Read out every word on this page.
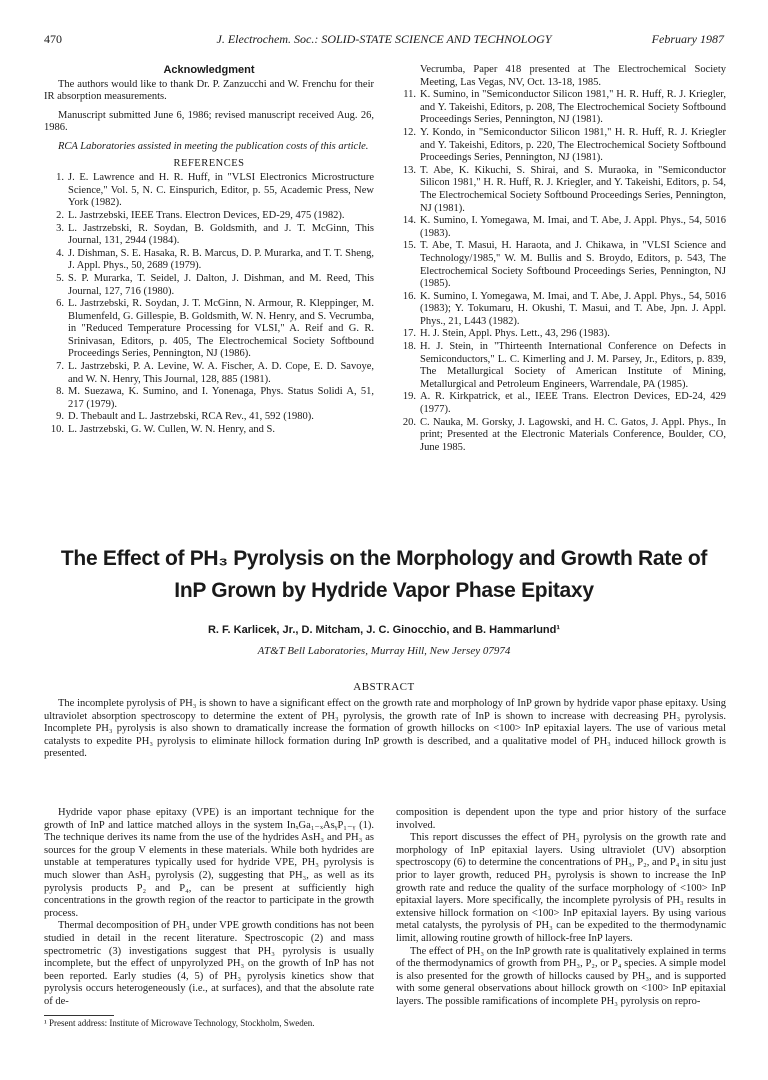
470	J. Electrochem. Soc.: SOLID-STATE SCIENCE AND TECHNOLOGY	February 1987
Acknowledgment

The authors would like to thank Dr. P. Zanzucchi and W. Frenchu for their IR absorption measurements.

Manuscript submitted June 6, 1986; revised manuscript received Aug. 26, 1986.

RCA Laboratories assisted in meeting the publication costs of this article.

REFERENCES
1. J. E. Lawrence and H. R. Huff, in "VLSI Electronics Microstructure Science," Vol. 5, N. C. Einspurich, Editor, p. 55, Academic Press, New York (1982).
2. L. Jastrzebski, IEEE Trans. Electron Devices, ED-29, 475 (1982).
3. L. Jastrzebski, R. Soydan, B. Goldsmith, and J. T. McGinn, This Journal, 131, 2944 (1984).
4. J. Dishman, S. E. Hasaka, R. B. Marcus, D. P. Murarka, and T. T. Sheng, J. Appl. Phys., 50, 2689 (1979).
5. S. P. Murarka, T. Seidel, J. Dalton, J. Dishman, and M. Reed, This Journal, 127, 716 (1980).
6. L. Jastrzebski, R. Soydan, J. T. McGinn, N. Armour, R. Kleppinger, M. Blumenfeld, G. Gillespie, B. Goldsmith, W. N. Henry, and S. Vecrumba, in "Reduced Temperature Processing for VLSI," A. Reif and G. R. Srinivasan, Editors, p. 405, The Electrochemical Society Softbound Proceedings Series, Pennington, NJ (1986).
7. L. Jastrzebski, P. A. Levine, W. A. Fischer, A. D. Cope, E. D. Savoye, and W. N. Henry, This Journal, 128, 885 (1981).
8. M. Suezawa, K. Sumino, and I. Yonenaga, Phys. Status Solidi A, 51, 217 (1979).
9. D. Thebault and L. Jastrzebski, RCA Rev., 41, 592 (1980).
10. L. Jastrzebski, G. W. Cullen, W. N. Henry, and S.

Vecrumba, Paper 418 presented at The Electrochemical Society Meeting, Las Vegas, NV, Oct. 13-18, 1985.

11. K. Sumino, in "Semiconductor Silicon 1981," H. R. Huff, R. J. Kriegler, and Y. Takeishi, Editors, p. 208, The Electrochemical Society Softbound Proceedings Series, Pennington, NJ (1981).
12. Y. Kondo, in "Semiconductor Silicon 1981," H. R. Huff, R. J. Kriegler and Y. Takeishi, Editors, p. 220, The Electrochemical Society Softbound Proceedings Series, Pennington, NJ (1981).
13. T. Abe, K. Kikuchi, S. Shirai, and S. Muraoka, in "Semiconductor Silicon 1981," H. R. Huff, R. J. Kriegler, and Y. Takeishi, Editors, p. 54, The Electrochemical Society Softbound Proceedings Series, Pennington, NJ (1981).
14. K. Sumino, I. Yomegawa, M. Imai, and T. Abe, J. Appl. Phys., 54, 5016 (1983).
15. T. Abe, T. Masui, H. Haraota, and J. Chikawa, in "VLSI Science and Technology/1985," W. M. Bullis and S. Broydo, Editors, p. 543, The Electrochemical Society Softbound Proceedings Series, Pennington, NJ (1985).
16. K. Sumino, I. Yomegawa, M. Imai, and T. Abe, J. Appl. Phys., 54, 5016 (1983); Y. Tokumaru, H. Okushi, T. Masui, and T. Abe, Jpn. J. Appl. Phys., 21, L443 (1982).
17. H. J. Stein, Appl. Phys. Lett., 43, 296 (1983).
18. H. J. Stein, in "Thirteenth International Conference on Defects in Semiconductors," L. C. Kimerling and J. M. Parsey, Jr., Editors, p. 839, The Metallurgical Society of American Institute of Mining, Metallurgical and Petroleum Engineers, Warrendale, PA (1985).
19. A. R. Kirkpatrick, et al., IEEE Trans. Electron Devices, ED-24, 429 (1977).
20. C. Nauka, M. Gorsky, J. Lagowski, and H. C. Gatos, J. Appl. Phys., In print; Presented at the Electronic Materials Conference, Boulder, CO, June 1985.
The Effect of PH₃ Pyrolysis on the Morphology and Growth Rate of
InP Grown by Hydride Vapor Phase Epitaxy
R. F. Karlicek, Jr., D. Mitcham, J. C. Ginocchio, and B. Hammarlund¹
AT&T Bell Laboratories, Murray Hill, New Jersey 07974
ABSTRACT

The incomplete pyrolysis of PH₃ is shown to have a significant effect on the growth rate and morphology of InP grown by hydride vapor phase epitaxy. Using ultraviolet absorption spectroscopy to determine the extent of PH₃ pyrolysis, the growth rate of InP is shown to increase with decreasing PH₃ pyrolysis. Incomplete PH₃ pyrolysis is also shown to dramatically increase the formation of growth hillocks on <100> InP epitaxial layers. The use of various metal catalysts to expedite PH₃ pyrolysis to eliminate hillock formation during InP growth is described, and a qualitative model of PH₃ induced hillock growth is presented.

Hydride vapor phase epitaxy (VPE) is an important technique for the growth of InP and lattice matched alloys in the system InₓGa₁₋ₓAsᵧP₁₋ᵧ (1). The technique derives its name from the use of the hydrides AsH₃ and PH₃ as sources for the group V elements in these materials. While both hydrides are unstable at temperatures typically used for hydride VPE, PH₃ pyrolysis is much slower than AsH₃ pyrolysis (2), suggesting that PH₃, as well as its pyrolysis products P₂ and P₄, can be present at sufficiently high concentrations in the growth region of the reactor to participate in the growth process.

Thermal decomposition of PH₃ under VPE growth conditions has not been studied in detail in the recent literature. Spectroscopic (2) and mass spectrometric (3) investigations suggest that PH₃ pyrolysis is usually incomplete, but the effect of unpyrolyzed PH₃ on the growth of InP has not been reported. Early studies (4, 5) of PH₃ pyrolysis kinetics show that pyrolysis occurs heterogeneously (i.e., at surfaces), and that the absolute rate of de-

¹ Present address: Institute of Microwave Technology, Stockholm, Sweden.

composition is dependent upon the type and prior history of the surface involved.

This report discusses the effect of PH₃ pyrolysis on the growth rate and morphology of InP epitaxial layers. Using ultraviolet (UV) absorption spectroscopy (6) to determine the concentrations of PH₃, P₂, and P₄ in situ just prior to layer growth, reduced PH₃ pyrolysis is shown to increase the InP growth rate and reduce the quality of the surface morphology of <100> InP epitaxial layers. More specifically, the incomplete pyrolysis of PH₃ results in extensive hillock formation on <100> InP epitaxial layers. By using various metal catalysts, the pyrolysis of PH₃ can be expedited to the thermodynamic limit, allowing routine growth of hillock-free InP layers.

The effect of PH₃ on the InP growth rate is qualitatively explained in terms of the thermodynamics of growth from PH₃, P₂, or P₄ species. A simple model is also presented for the growth of hillocks caused by PH₃, and is supported with some general observations about hillock growth on <100> InP epitaxial layers. The possible ramifications of incomplete PH₃ pyrolysis on repro-
